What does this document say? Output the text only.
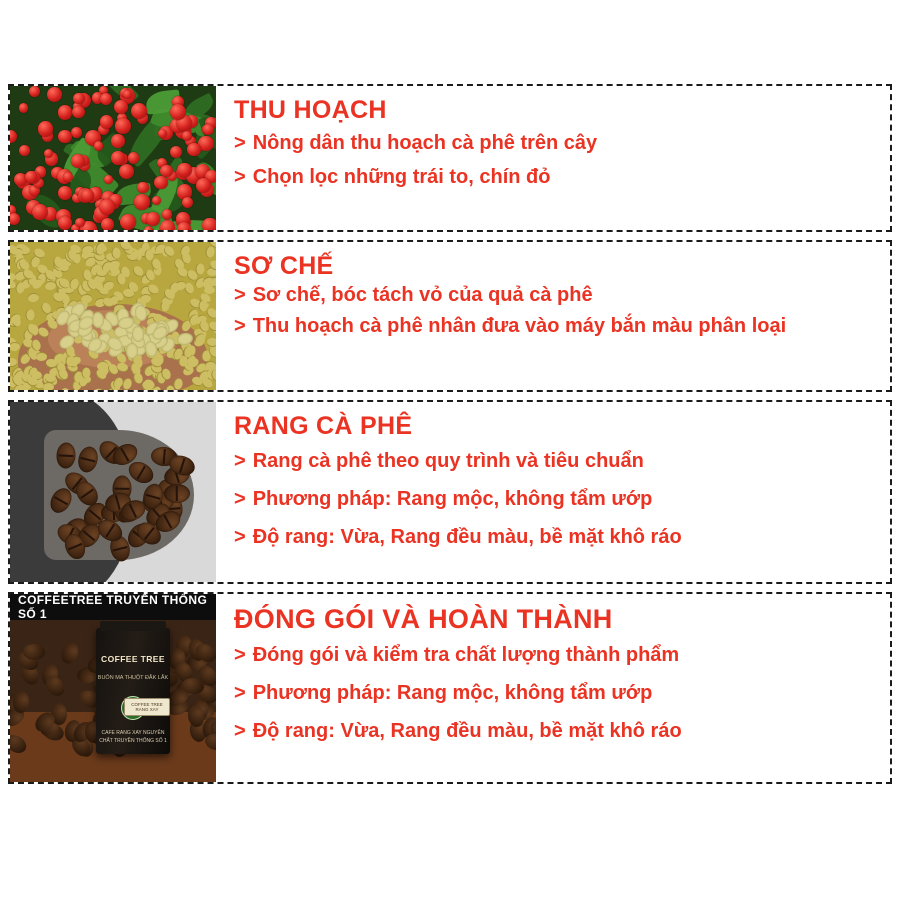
THU HOẠCH
> Nông dân thu hoạch cà phê trên cây
> Chọn lọc những trái to, chín đỏ
SƠ CHẾ
> Sơ chế, bóc tách vỏ của quả cà phê
> Thu hoạch cà phê nhân đưa vào máy bắn màu phân loại
RANG CÀ PHÊ
> Rang cà phê theo quy trình và tiêu chuẩn
> Phương pháp: Rang mộc, không tẩm ướp
> Độ rang: Vừa, Rang đều màu, bề mặt khô ráo
COFFEE TREE
BUÔN MA THUỘT ĐẮK LẮK
CAFE RANG XAY NGUYÊN CHẤT TRUYỀN THỐNG SỐ 1
COFFEE TREE RANG XAY
COFFEETREE TRUYỀN THỐNG SỐ 1	ĐÓNG GÓI VÀ HOÀN THÀNH
> Đóng gói và kiểm tra chất lượng thành phẩm
> Phương pháp: Rang mộc, không tẩm ướp
> Độ rang: Vừa, Rang đều màu, bề mặt khô ráo
